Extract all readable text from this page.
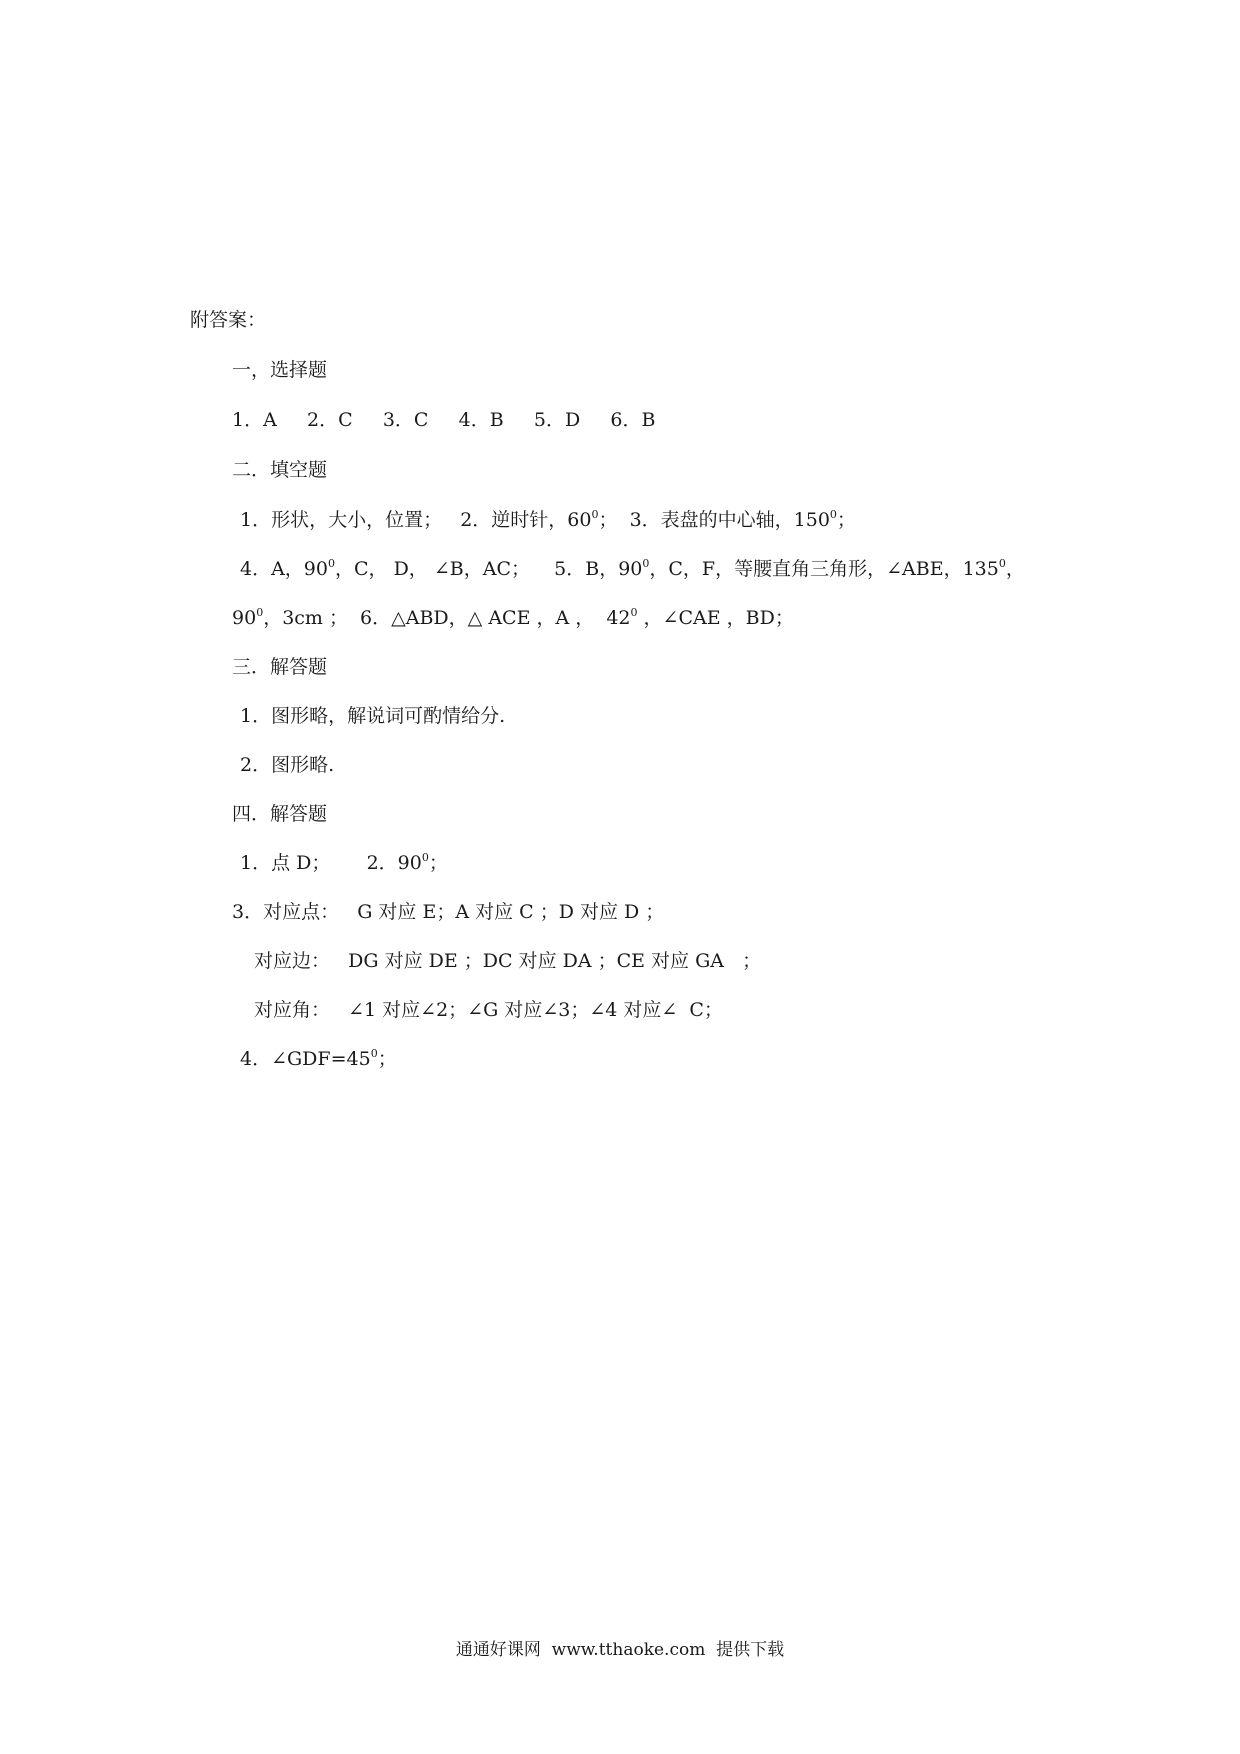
附答案：
一，选择题
1．A     2．C     3．C     4．B     5．D     6．B
二．填空题
1．形状，大小，位置；   2．逆时针，$60^0$；  3．表盘的中心轴，$150^0$；
4．A，$90^0$，C， D， ∠B，AC；    5．B，$90^0$，C，F，等腰直角三角形，∠ABE，$135^0$，
$90^0$，3cm ；  6．△ABD，△ ACE ，A ，  $42^0$ ，∠CAE ，BD；
三．解答题
1．图形略，解说词可酌情给分.
2．图形略.
四．解答题
1．点 D；      2．$90^0$；
3．对应点：   G 对应 E；A 对应 C ；D 对应 D ；
对应边：   DG 对应 DE ；DC 对应 DA ；CE 对应 GA   ；
对应角：   ∠1 对应∠2；∠G 对应∠3；∠4 对应∠  C；
4．$\angle GDF=45^0$；
通通好课网  www.tthaoke.com  提供下载
